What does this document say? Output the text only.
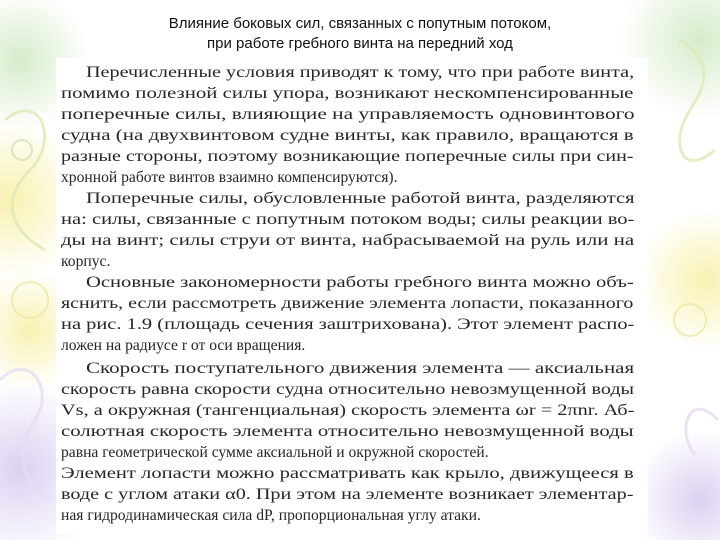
Влияние боковых сил, связанных с попутным потоком,
при работе гребного винта на передний ход
Перечисленные условия приводят к тому, что при работе винта,
помимо полезной силы упора, возникают нескомпенсированные
поперечные силы, влияющие на управляемость одновинтового
судна (на двухвинтовом судне винты, как правило, вращаются в
разные стороны, поэтому возникающие поперечные силы при син-
хронной работе винтов взаимно компенсируются).
Поперечные силы, обусловленные работой винта, разделяются
на: силы, связанные с попутным потоком воды; силы реакции во-
ды на винт; силы струи от винта, набрасываемой на руль или на
корпус.
Основные закономерности работы гребного винта можно объ-
яснить, если рассмотреть движение элемента лопасти, показанного
на рис. 1.9 (площадь сечения заштрихована). Этот элемент распо-
ложен на радиусе r от оси вращения.
Скорость поступательного движения элемента — аксиальная
скорость равна скорости судна относительно невозмущенной воды
Vs, а окружная (тангенциальная) скорость элемента ωr = 2πnr. Аб-
солютная скорость элемента относительно невозмущенной воды
равна геометрической сумме аксиальной и окружной скоростей.
Элемент лопасти можно рассматривать как крыло, движущееся в
воде с углом атаки α0. При этом на элементе возникает элементар-
ная гидродинамическая сила dP, пропорциональная углу атаки.
